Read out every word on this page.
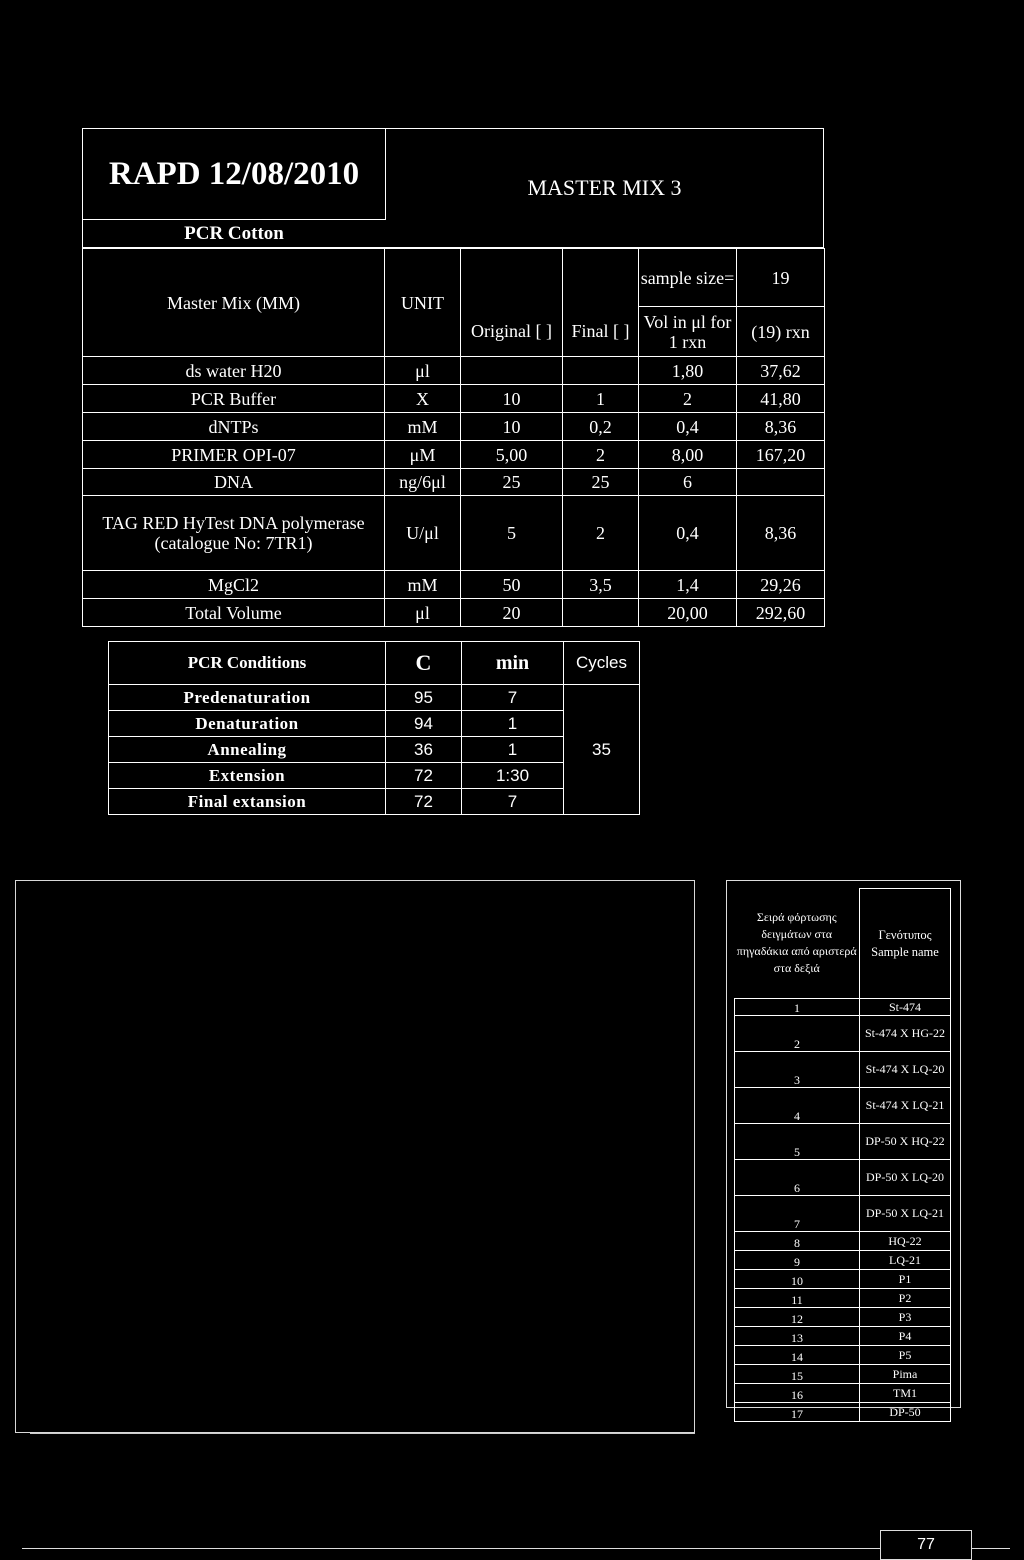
RAPD 12/08/2010
PCR Cotton
MASTER MIX 3
Master Mix (MM)	UNIT			sample size=	19
		Original [ ]	Final [ ]	Vol in μl for 1 rxn	(19) rxn
ds water H20	μl			1,80	37,62
PCR Buffer	X	10	1	2	41,80
dNTPs	mM	10	0,2	0,4	8,36
PRIMER OPI-07	μM	5,00	2	8,00	167,20
DNA	ng/6μl	25	25	6	
TAG RED HyTest DNA polymerase (catalogue No: 7TR1)	U/μl	5	2	0,4	8,36
MgCl2	mM	50	3,5	1,4	29,26
Total Volume	μl	20		20,00	292,60
PCR Conditions	C	min	Cycles
Predenaturation	95	7	35
Denaturation	94	1	
Annealing	36	1	
Extension	72	1:30	
Final extansion	72	7	
Σειρά φόρτωσης δειγμάτων στα πηγαδάκια από αριστερά στα δεξιά	Γενότυπος Sample name
1	St-474
2	St-474 X HG-22
3	St-474 X LQ-20
4	St-474 X LQ-21
5	DP-50 X HQ-22
6	DP-50 X LQ-20
7	DP-50 X LQ-21
8	HQ-22
9	LQ-21
10	P1
11	P2
12	P3
13	P4
14	P5
15	Pima
16	TM1
17	DP-50
77
